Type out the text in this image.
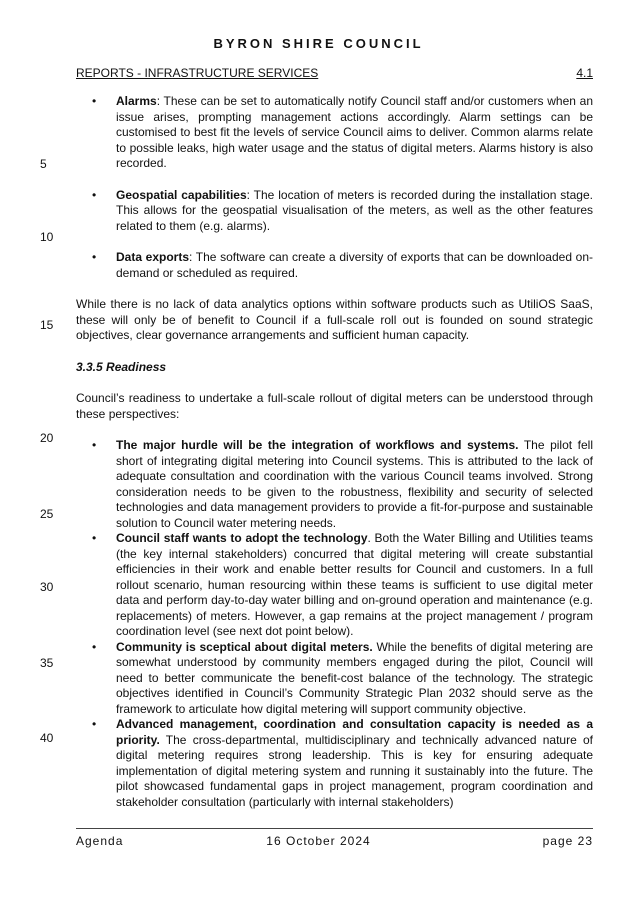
BYRON SHIRE COUNCIL
REPORTS - INFRASTRUCTURE SERVICES	4.1
5
10
15
20
25
30
35
40
• Alarms: These can be set to automatically notify Council staff and/or customers when an issue arises, prompting management actions accordingly. Alarm settings can be customised to best fit the levels of service Council aims to deliver. Common alarms relate to possible leaks, high water usage and the status of digital meters. Alarms history is also recorded.
• Geospatial capabilities: The location of meters is recorded during the installation stage. This allows for the geospatial visualisation of the meters, as well as the other features related to them (e.g. alarms).
• Data exports: The software can create a diversity of exports that can be downloaded on-demand or scheduled as required.

While there is no lack of data analytics options within software products such as UtiliOS SaaS, these will only be of benefit to Council if a full-scale roll out is founded on sound strategic objectives, clear governance arrangements and sufficient human capacity.

3.3.5 Readiness

Council’s readiness to undertake a full-scale rollout of digital meters can be understood through these perspectives:

• The major hurdle will be the integration of workflows and systems. The pilot fell short of integrating digital metering into Council systems. This is attributed to the lack of adequate consultation and coordination with the various Council teams involved. Strong consideration needs to be given to the robustness, flexibility and security of selected technologies and data management providers to provide a fit-for-purpose and sustainable solution to Council water metering needs.
• Council staff wants to adopt the technology. Both the Water Billing and Utilities teams (the key internal stakeholders) concurred that digital metering will create substantial efficiencies in their work and enable better results for Council and customers. In a full rollout scenario, human resourcing within these teams is sufficient to use digital meter data and perform day-to-day water billing and on-ground operation and maintenance (e.g. replacements) of meters. However, a gap remains at the project management / program coordination level (see next dot point below).
• Community is sceptical about digital meters. While the benefits of digital metering are somewhat understood by community members engaged during the pilot, Council will need to better communicate the benefit-cost balance of the technology. The strategic objectives identified in Council’s Community Strategic Plan 2032 should serve as the framework to articulate how digital metering will support community objective.
• Advanced management, coordination and consultation capacity is needed as a priority. The cross-departmental, multidisciplinary and technically advanced nature of digital metering requires strong leadership. This is key for ensuring adequate implementation of digital metering system and running it sustainably into the future. The pilot showcased fundamental gaps in project management, program coordination and stakeholder consultation (particularly with internal stakeholders)
Agenda	16 October 2024	page 23
